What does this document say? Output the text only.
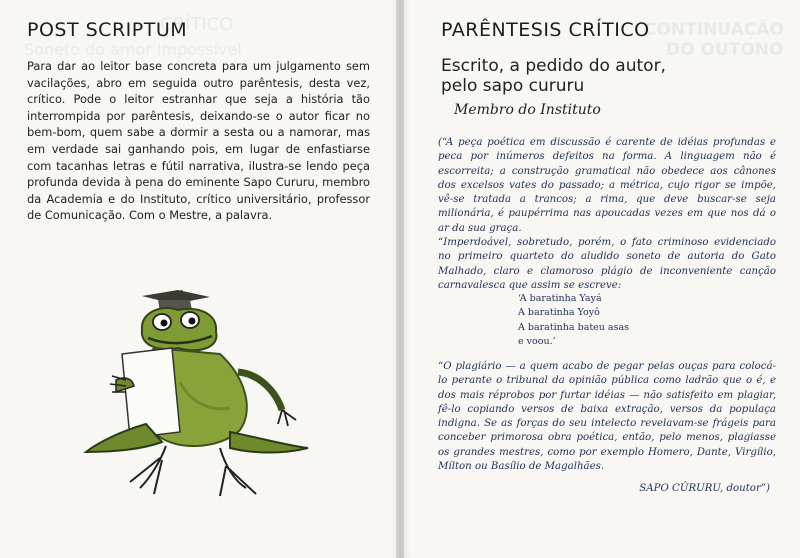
CRÍTICO
Soneto do amor impossível
POST SCRIPTUM
Para dar ao leitor base concreta para um julgamento sem vacilações, abro em seguida outro parêntesis, desta vez, crítico. Pode o leitor estranhar que seja a história tão interrompida por parêntesis, deixando-se o autor ficar no bem-bom, quem sabe a dormir a sesta ou a namorar, mas em verdade sai ganhando pois, em lugar de enfastiarse com tacanhas letras e fútil narrativa, ilustra-se lendo peça profunda devida à pena do eminente Sapo Cururu, membro da Academia e do Instituto, crítico universitário, professor de Comunicação. Com o Mestre, a palavra.
CONTINUAÇÃO
DO OUTONO
PARÊNTESIS CRÍTICO
Escrito, a pedido do autor,
pelo sapo cururu
Membro do Instituto

(“A peça poética em discussão é carente de idéias profundas e peca por inúmeros defeitos na forma. A linguagem não é escorreita; a construção gramatical não obedece aos cânones dos excelsos vates do passado; a métrica, cujo rigor se impõe, vê-se tratada a trancos; a rima, que deve buscar-se seja milionária, é paupérrima nas apoucadas vezes em que nos dá o ar da sua graça.

“Imperdoável, sobretudo, porém, o fato criminoso evidenciado no primeiro quarteto do aludido soneto de autoria do Gato Malhado, claro e clamoroso plágio de inconveniente canção carnavalesca que assim se escreve:

‘A baratinha Yayá
A baratinha Yoyô
A baratinha bateu asas
e voou.’
“O plagiário — a quem acabo de pegar pelas ouças para colocá-lo perante o tribunal da opinião pública como ladrão que o é, e dos mais réprobos por furtar idéias — não satisfeito em plagiar, fê-lo copiando versos de baixa extração, versos da populaça indigna. Se as forças do seu intelecto revelavam-se frágeis para conceber primorosa obra poética, então, pelo menos, plagiasse os grandes mestres, como por exemplo Homero, Dante, Virgílio, Mílton ou Basílio de Magalhães.
SAPO CÛRURU, doutor”)
